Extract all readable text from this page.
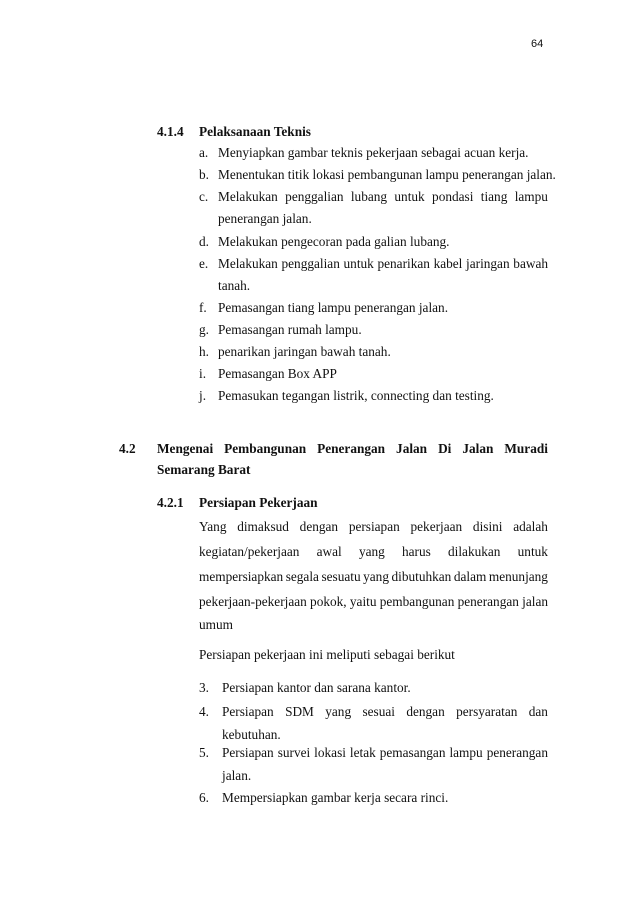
64
4.1.4 Pelaksanaan Teknis
a. Menyiapkan gambar teknis pekerjaan sebagai acuan kerja.
b. Menentukan titik lokasi pembangunan lampu penerangan jalan.
c. Melakukan penggalian lubang untuk pondasi tiang lampu
penerangan jalan.
d. Melakukan pengecoran pada galian lubang.
e. Melakukan penggalian untuk penarikan kabel jaringan bawah
tanah.
f. Pemasangan tiang lampu penerangan jalan.
g. Pemasangan rumah lampu.
h. penarikan jaringan bawah tanah.
i. Pemasangan Box APP
j. Pemasukan tegangan listrik, connecting dan testing.
4.2 Mengenai Pembangunan Penerangan Jalan Di Jalan Muradi
Semarang Barat
4.2.1 Persiapan Pekerjaan
Yang dimaksud dengan persiapan pekerjaan disini adalah
kegiatan/pekerjaan awal yang harus dilakukan untuk
mempersiapkan segala sesuatu yang dibutuhkan dalam menunjang
pekerjaan-pekerjaan pokok, yaitu pembangunan penerangan jalan
umum
Persiapan pekerjaan ini meliputi sebagai berikut
3. Persiapan kantor dan sarana kantor.
4. Persiapan SDM yang sesuai dengan persyaratan dan
kebutuhan.
5. Persiapan survei lokasi letak pemasangan lampu penerangan
jalan.
6. Mempersiapkan gambar kerja secara rinci.
